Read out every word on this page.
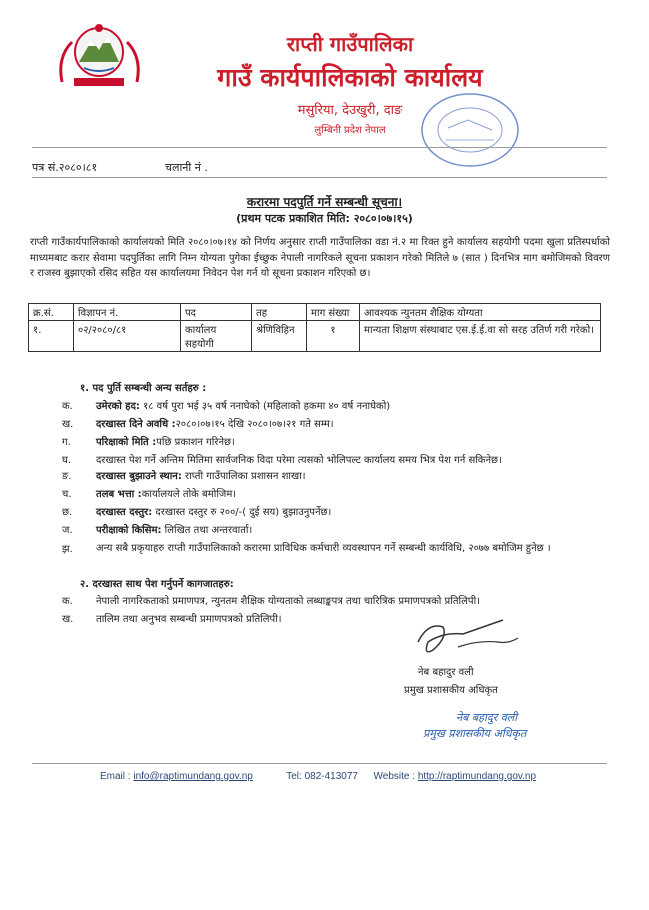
राप्ती गाउँपालिका
गाउँ कार्यपालिकाको कार्यालय
मसुरिया, देउखुरी, दाङ
लुम्बिनी प्रदेश नेपाल
पत्र सं.२०८०।८१	चलानी नं .
करारमा पदपुर्ति गर्ने सम्बन्धी सूचना।
(प्रथम पटक प्रकाशित मिति: २०८०।०७।१५)
राप्ती गाउँकार्यपालिकाको कार्यालयको मिति २०८०।०७।१४ को निर्णय अनुसार राप्ती गाउँपालिका वडा नं.२ मा रिक्त हुने कार्यालय सहयोगी पदमा खुला प्रतिस्पर्धाको माध्यमबाट करार सेवामा पदपुर्तिका लागि निम्न योग्यता पुगेका ईच्छुक नेपाली नागरिकले सूचना प्रकाशन गरेको मितिले ७ (सात ) दिनभित्र माग बमोजिमको विवरण र राजस्व बुझाएको रसिद सहित यस कार्यालयमा निवेदन पेश गर्न यो सूचना प्रकाशन गरिएको छ।
क्र.सं.	विज्ञापन नं.	पद	तह	माग संख्या	आवश्यक न्युनतम शैक्षिक योग्यता
१.	०२/२०८०/८१	कार्यालय सहयोगी	श्रेणिविहिन	१	मान्यता शिक्षण संस्थाबाट एस.ई.ई.वा सो सरह उतिर्ण गरी गरेको।
१. पद पुर्ति सम्बन्धी अन्य सर्तहरु :
क. उमेरको हद: १८ वर्ष पुरा भई ३५ वर्ष ननाघेको (महिलाको हकमा ४० वर्ष ननाघेको)
ख. दरखास्त दिने अवधि :२०८०।०७।१५ देखि २०८०।०७।२१ गते सम्म।
ग.	परिक्षाको मिति :पछि प्रकाशन गरिनेछ।
घ. दरखास्त पेश गर्ने अन्तिम मितिमा सार्वजनिक विदा परेमा त्यसको भोलिपल्ट कार्यालय समय भित्र पेश गर्न सकिनेछ।
ङ. दरखास्त बुझाउने स्थान: राप्ती गाउँपालिका प्रशासन शाखा।
च. तलब भत्ता :कार्यालयले तोके बमोजिम।
छ. दरखास्त दस्तुर: दरखास्त दस्तुर रु २००/-( दुई सय) बुझाउनुपर्नेछ।
ज. परीक्षाको किसिम: लिखित तथा अन्तरवार्ता।
झ. अन्य सबै प्रकृयाहरु राप्ती गाउँपालिकाको करारमा प्राविधिक कर्मचारी व्यवस्थापन गर्ने सम्बन्धी कार्यविधि, २०७७ बमोजिम हुनेछ ।
२. दरखास्त साथ पेश गर्नुपर्ने कागजातहरु:
क. नेपाली नागरिकताको प्रमाणपत्र, न्युनतम शैक्षिक योग्यताको लब्धाङ्कपत्र तथा चारित्रिक प्रमाणपत्रको प्रतिलिपी।
ख. तालिम तथा अनुभव सम्बन्धी प्रमाणपत्रको प्रतिलिपी।
नेब बहादुर वली
प्रमुख प्रशासकीय अधिकृत
नेब बहादुर वली
प्रमुख प्रशासकीय अधिकृत
Email : info@raptimundang.gov.np	Tel: 082-413077 Website : http://raptimundang.gov.np
